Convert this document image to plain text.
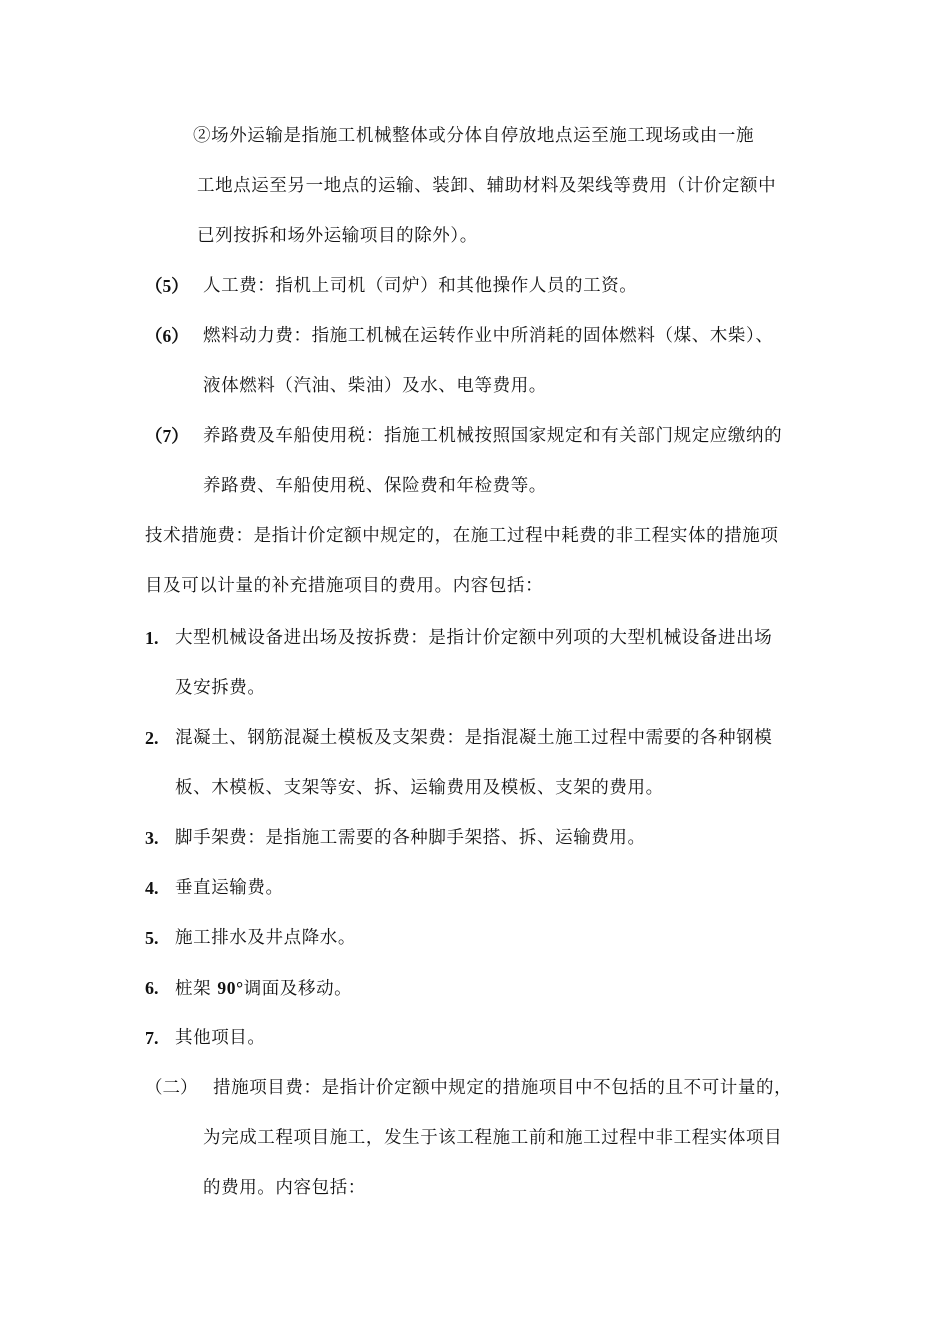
②场外运输是指施工机械整体或分体自停放地点运至施工现场或由一施
工地点运至另一地点的运输、装卸、辅助材料及架线等费用（计价定额中
已列按拆和场外运输项目的除外）。
（5） 人工费：指机上司机（司炉）和其他操作人员的工资。
（6） 燃料动力费：指施工机械在运转作业中所消耗的固体燃料（煤、木柴）、
液体燃料（汽油、柴油）及水、电等费用。
（7） 养路费及车船使用税：指施工机械按照国家规定和有关部门规定应缴纳的
养路费、车船使用税、保险费和年检费等。
技术措施费：是指计价定额中规定的，在施工过程中耗费的非工程实体的措施项
目及可以计量的补充措施项目的费用。内容包括：
1. 大型机械设备进出场及按拆费：是指计价定额中列项的大型机械设备进出场
及安拆费。
2. 混凝土、钢筋混凝土模板及支架费：是指混凝土施工过程中需要的各种钢模
板、木模板、支架等安、拆、运输费用及模板、支架的费用。
3. 脚手架费：是指施工需要的各种脚手架搭、拆、运输费用。
4. 垂直运输费。
5. 施工排水及井点降水。
6. 桩架 90°调面及移动。
7. 其他项目。
（二） 措施项目费：是指计价定额中规定的措施项目中不包括的且不可计量的，
为完成工程项目施工，发生于该工程施工前和施工过程中非工程实体项目
的费用。内容包括：
